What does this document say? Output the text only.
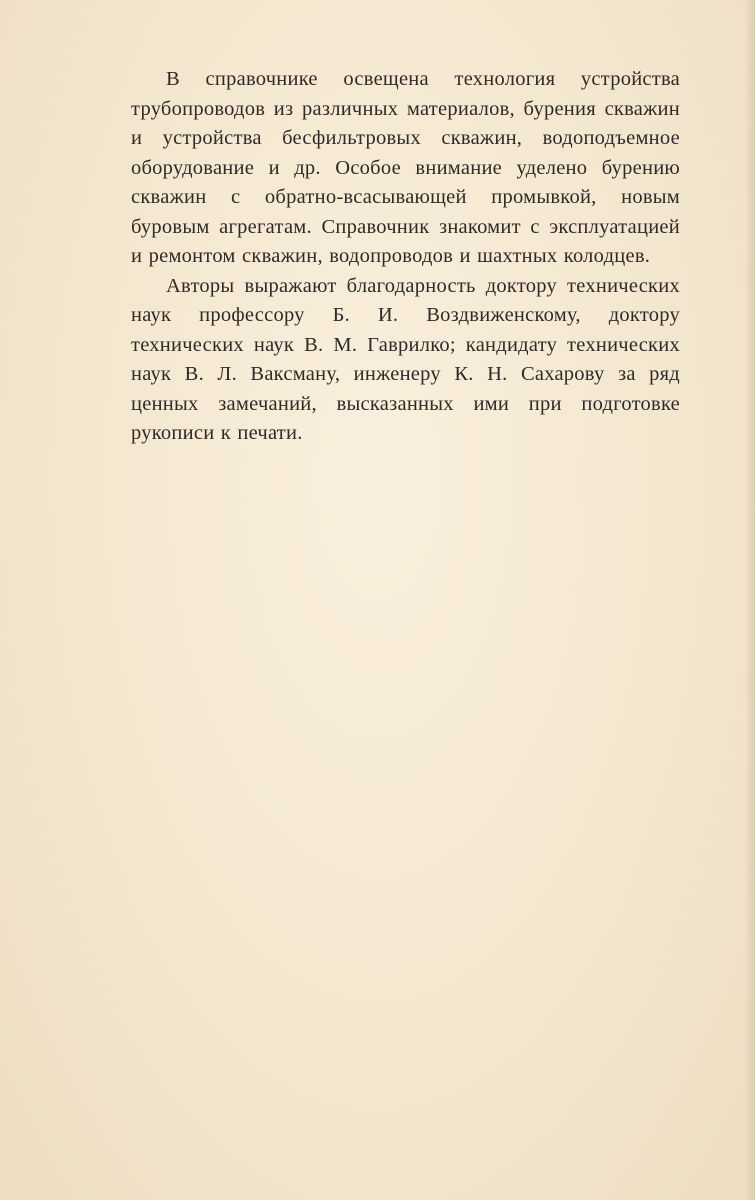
В справочнике освещена технология устройства трубопроводов из различных материалов, бурения скважин и устройства бесфильтровых скважин, водоподъемное оборудование и др. Особое внимание уделено бурению скважин с обратно-всасывающей промывкой, новым буровым агрегатам. Справочник знакомит с эксплуатацией и ремонтом скважин, водопроводов и шахтных колодцев.

Авторы выражают благодарность доктору технических наук профессору Б. И. Воздвиженскому, доктору технических наук В. М. Гаврилко; кандидату технических наук В. Л. Ваксману, инженеру К. Н. Сахарову за ряд ценных замечаний, высказанных ими при подготовке рукописи к печати.
